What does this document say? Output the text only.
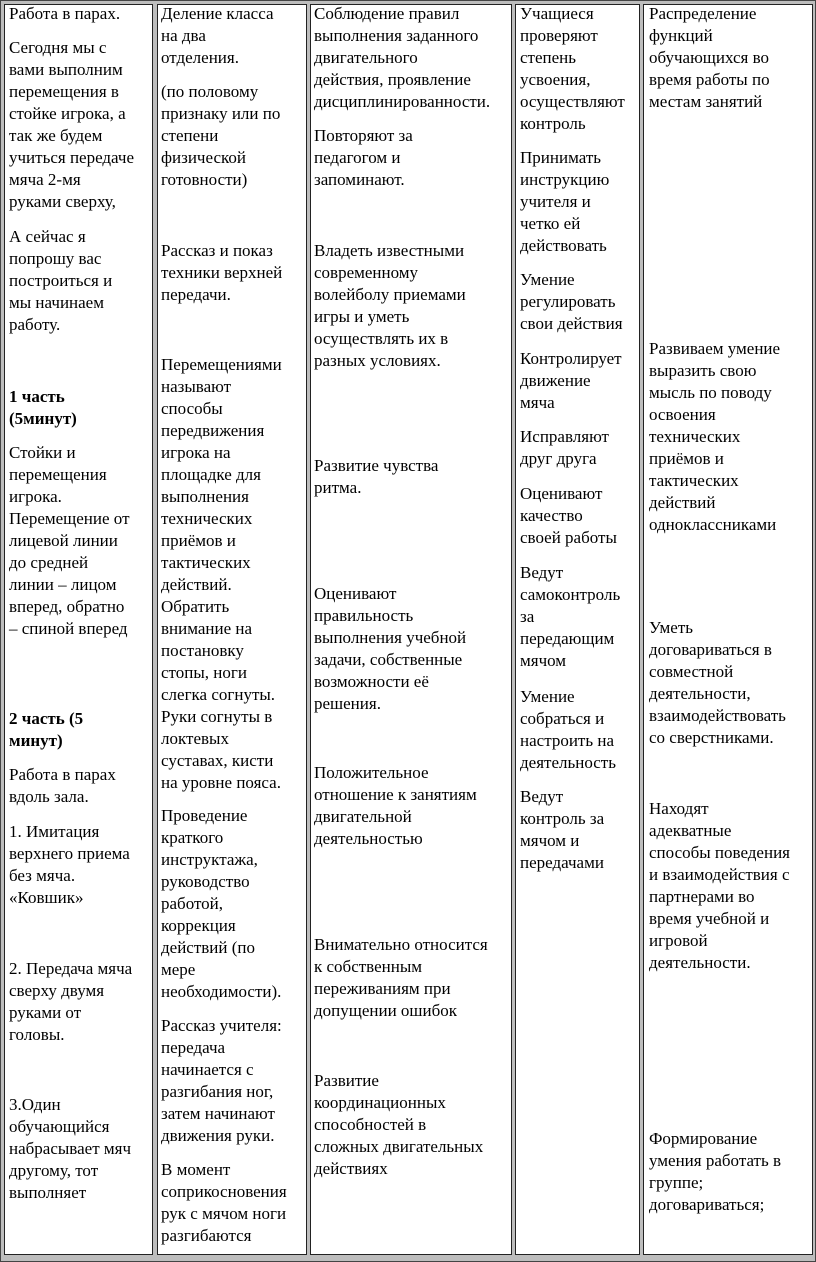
Работа в парах.

Сегодня мы с
вами выполним
перемещения в
стойке игрока, а
так же будем
учиться передаче
мяча 2-мя
руками сверху,

А сейчас я
попрошу вас
построиться и
мы начинаем
работу.

1 часть
(5минут)

Стойки и
перемещения
игрока.
Перемещение от
лицевой линии
до средней
линии – лицом
вперед, обратно
– спиной вперед

2 часть (5
минут)

Работа в парах
вдоль зала.

1. Имитация
верхнего приема
без мяча.
«Ковшик»

2. Передача мяча
сверху двумя
руками от
головы.

3.Один
обучающийся
набрасывает мяч
другому, тот
выполняет

Деление класса
на два
отделения.

(по половому
признаку или по
степени
физической
готовности)

Рассказ и показ
техники верхней
передачи.

Перемещениями
называют
способы
передвижения
игрока на
площадке для
выполнения
технических
приёмов и
тактических
действий.
Обратить
внимание на
постановку
стопы, ноги
слегка согнуты.
Руки согнуты в
локтевых
суставах, кисти
на уровне пояса.

Проведение
краткого
инструктажа,
руководство
работой,
коррекция
действий (по
мере
необходимости).

Рассказ учителя:
передача
начинается с
разгибания ног,
затем начинают
движения руки.

В момент
соприкосновения
рук с мячом ноги
разгибаются

Соблюдение правил
выполнения заданного
двигательного
действия, проявление
дисциплинированности.

Повторяют за
педагогом и
запоминают.

Владеть известными
современному
волейболу приемами
игры и уметь
осуществлять их в
разных условиях.

Развитие чувства
ритма.

Оценивают
правильность
выполнения учебной
задачи, собственные
возможности её
решения.

Положительное
отношение к занятиям
двигательной
деятельностью

Внимательно относится
к собственным
переживаниям при
допущении ошибок

Развитие
координационных
способностей в
сложных двигательных
действиях

Учащиеся
проверяют
степень
усвоения,
осуществляют
контроль

Принимать
инструкцию
учителя и
четко ей
действовать

Умение
регулировать
свои действия

Контролирует
движение
мяча

Исправляют
друг друга

Оценивают
качество
своей работы

Ведут
самоконтроль
за
передающим
мячом

Умение
собраться и
настроить на
деятельность

Ведут
контроль за
мячом и
передачами

Распределение
функций
обучающихся во
время работы по
местам занятий

Развиваем умение
выразить свою
мысль по поводу
освоения
технических
приёмов и
тактических
действий
одноклассниками

Уметь
договариваться в
совместной
деятельности,
взаимодействовать
со сверстниками.

Находят
адекватные
способы поведения
и взаимодействия с
партнерами во
время учебной и
игровой
деятельности.

Формирование
умения работать в
группе;
договариваться;
